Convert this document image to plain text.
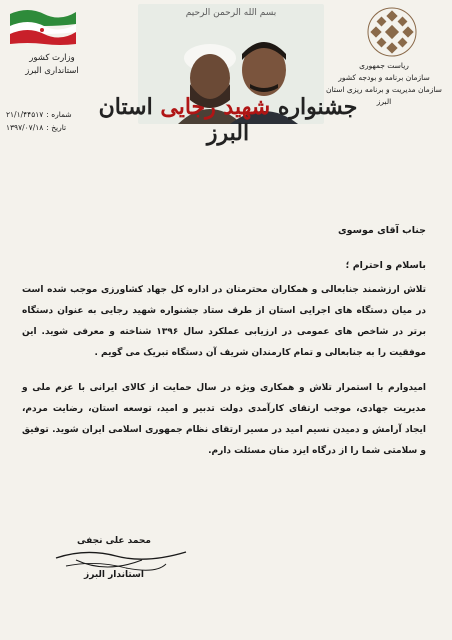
وزارت کشور
استانداری البرز
شماره :
۲۱/۱/۴۴۵۱۷
تاریخ :
۱۳۹۷/۰۷/۱۸
بسم الله الرحمن الرحیم
جشنواره شهید رجایی استان البرز
ریاست جمهوری
سازمان برنامه و بودجه کشور
سازمان مدیریت و برنامه ریزی استان البرز
جناب آقای موسوی
باسلام و احترام ؛
تلاش ارزشمند جنابعالی و همکاران محترمتان در اداره کل جهاد کشاورزی موجب شده است در میان دستگاه های اجرایی استان از طرف ستاد جشنواره شهید رجایی به عنوان دستگاه برتر در شاخص های عمومی در ارزیابی عملکرد سال ۱۳۹۶ شناخته و معرفی شوید. این موفقیت را به جنابعالی و تمام کارمندان شریف آن دستگاه تبریک می گویم .
امیدوارم با استمرار تلاش و همکاری ویژه در سال حمایت از کالای ایرانی با عزم ملی و مدیریت جهادی، موجب ارتقای کارآمدی دولت تدبیر و امید، توسعه استان، رضایت مردم، ایجاد آرامش و دمیدن نسیم امید در مسیر ارتقای نظام جمهوری اسلامی ایران شوید. توفیق و سلامتی شما را از درگاه ایزد منان مسئلت دارم.
محمد علی نجفی
استاندار البرز
